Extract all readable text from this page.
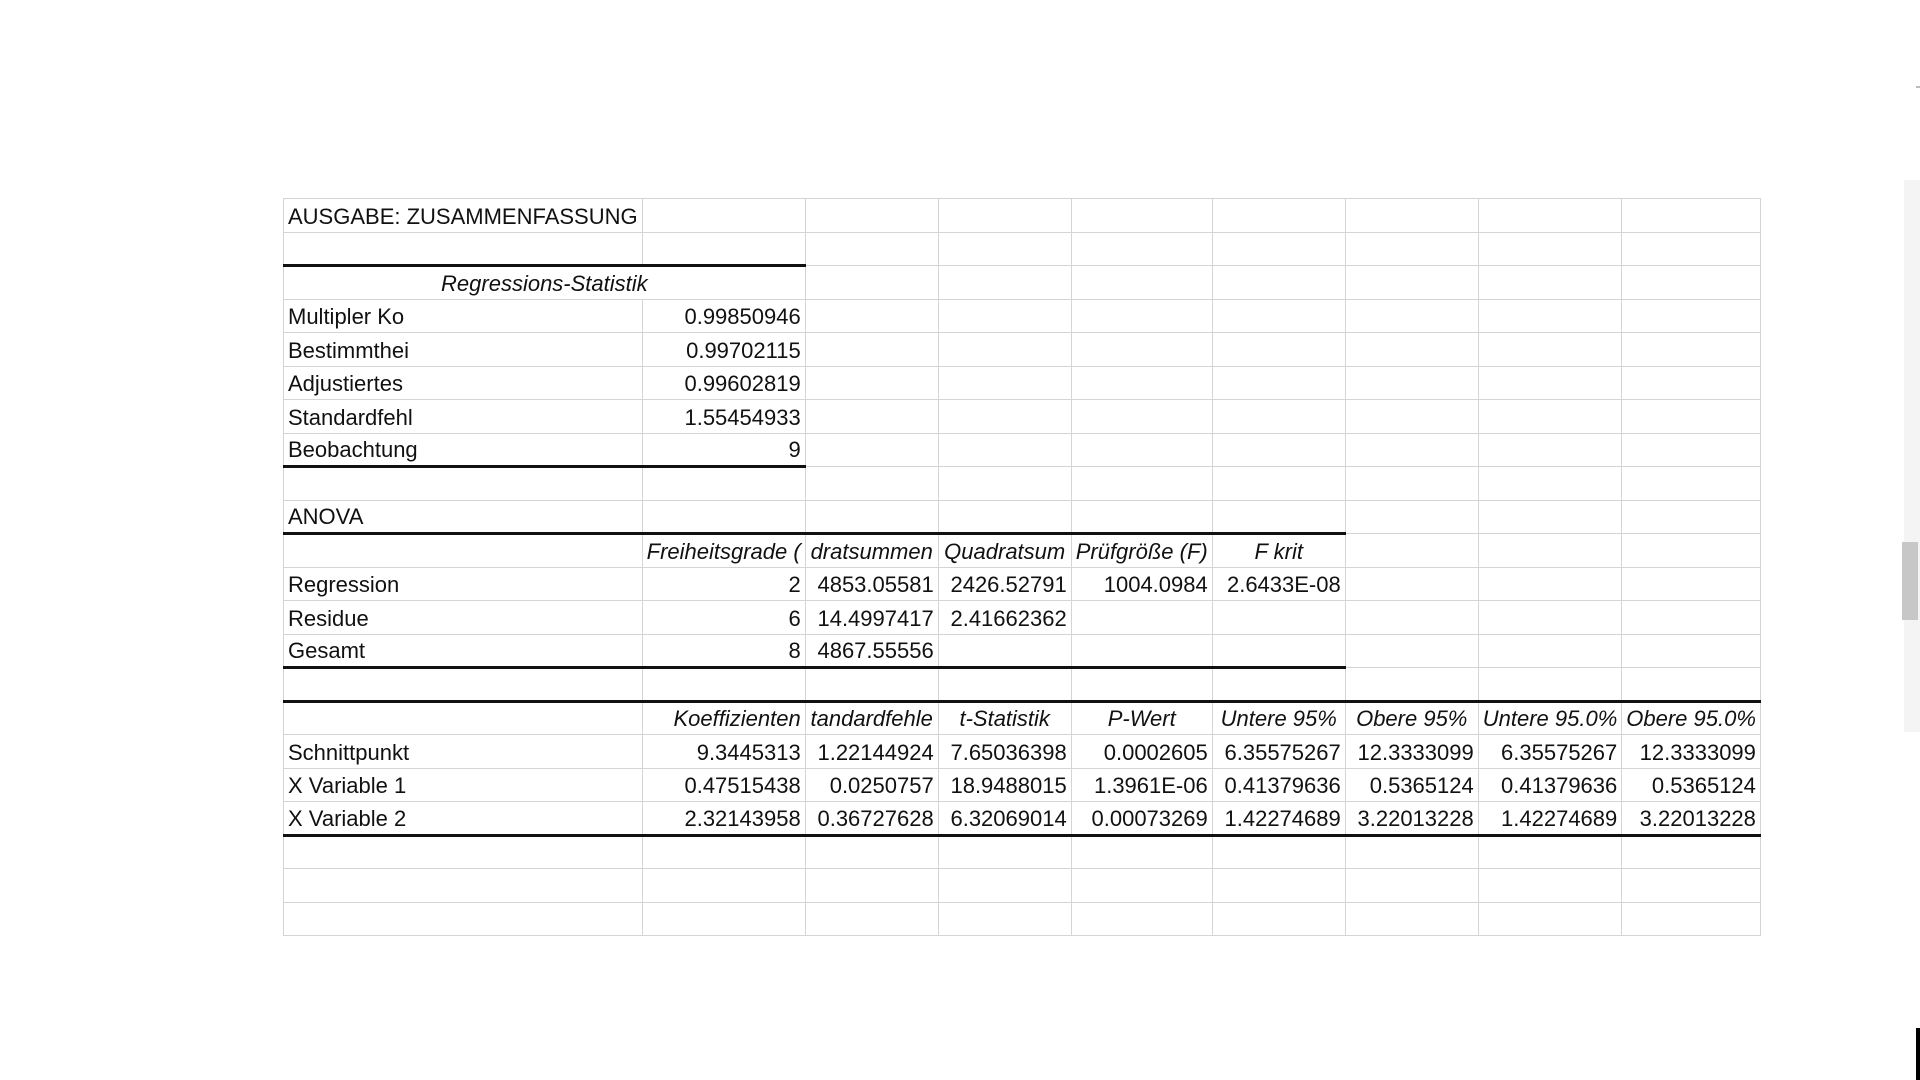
AUSGABE: ZUSAMMENFASSUNG								

Regressions-Statistik								
Multipler Ko	0.99850946							
Bestimmthei	0.99702115							
Adjustiertes	0.99602819							
Standardfehl	1.55454933							
Beobachtung	9							

ANOVA								
	Freiheitsgrade (	dratsummen	Quadratsum	Prüfgröße (F)	F krit			
Regression	2	4853.05581	2426.52791	1004.0984	2.6433E-08			
Residue	6	14.4997417	2.41662362					
Gesamt	8	4867.55556						

	Koeffizienten	tandardfehle	t-Statistik	P-Wert	Untere 95%	Obere 95%	Untere 95.0%	Obere 95.0%
Schnittpunkt	9.3445313	1.22144924	7.65036398	0.0002605	6.35575267	12.3333099	6.35575267	12.3333099
X Variable 1	0.47515438	0.0250757	18.9488015	1.3961E-06	0.41379636	0.5365124	0.41379636	0.5365124
X Variable 2	2.32143958	0.36727628	6.32069014	0.00073269	1.42274689	3.22013228	1.42274689	3.22013228
